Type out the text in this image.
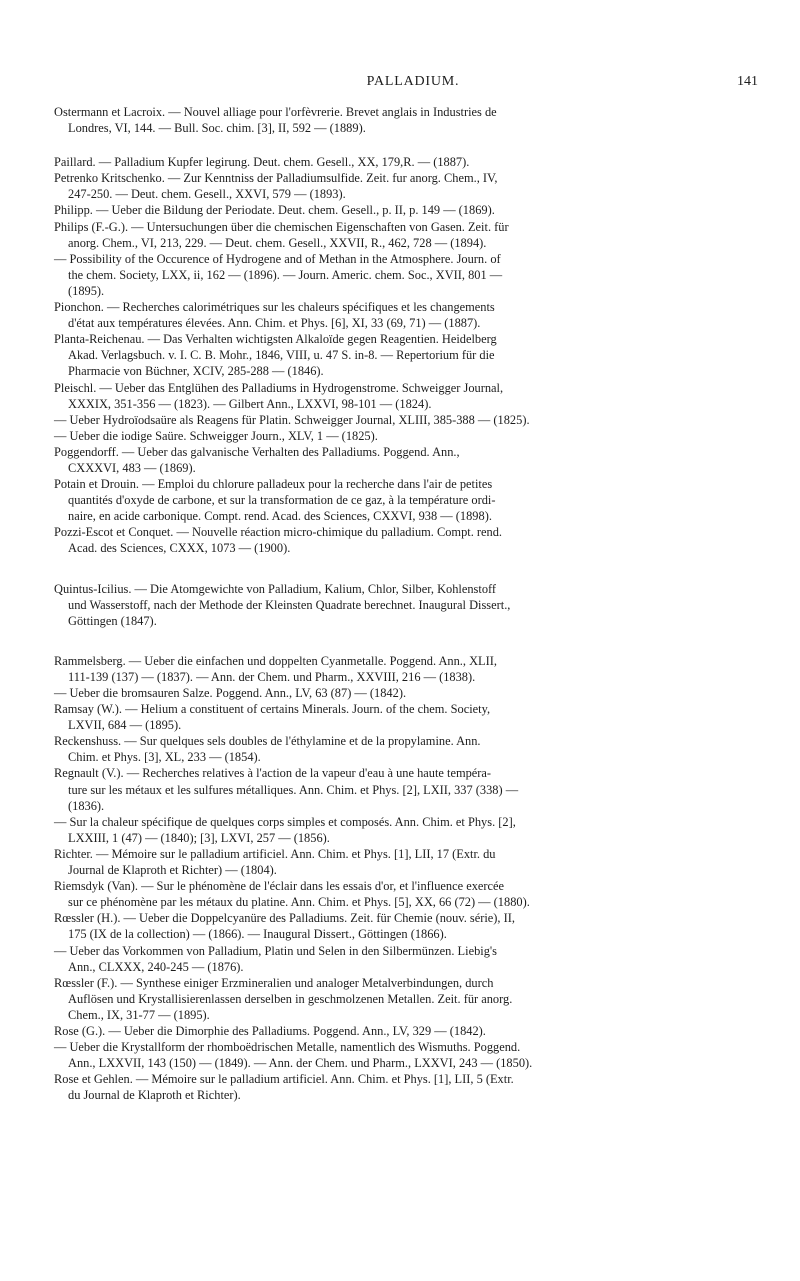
PALLADIUM.	141
Ostermann et Lacroix. — Nouvel alliage pour l'orfèvrerie. Brevet anglais in Industries de
Londres, VI, 144. — Bull. Soc. chim. [3], II, 592 — (1889).
Paillard. — Palladium Kupfer legirung. Deut. chem. Gesell., XX, 179,R. — (1887).
Petrenko Kritschenko. — Zur Kenntniss der Palladiumsulfide. Zeit. fur anorg. Chem., IV,
247-250. — Deut. chem. Gesell., XXVI, 579 — (1893).
Philipp. — Ueber die Bildung der Periodate. Deut. chem. Gesell., p. II, p. 149 — (1869).
Philips (F.-G.). — Untersuchungen über die chemischen Eigenschaften von Gasen. Zeit. für
anorg. Chem., VI, 213, 229. — Deut. chem. Gesell., XXVII, R., 462, 728 — (1894).
— Possibility of the Occurence of Hydrogene and of Methan in the Atmosphere. Journ. of
the chem. Society, LXX, ii, 162 — (1896). — Journ. Americ. chem. Soc., XVII, 801 —
(1895).
Pionchon. — Recherches calorimétriques sur les chaleurs spécifiques et les changements
d'état aux températures élevées. Ann. Chim. et Phys. [6], XI, 33 (69, 71) — (1887).
Planta-Reichenau. — Das Verhalten wichtigsten Alkaloïde gegen Reagentien. Heidelberg
Akad. Verlagsbuch. v. I. C. B. Mohr., 1846, VIII, u. 47 S. in-8. — Repertorium für die
Pharmacie von Büchner, XCIV, 285-288 — (1846).
Pleischl. — Ueber das Entglühen des Palladiums in Hydrogenstrome. Schweigger Journal,
XXXIX, 351-356 — (1823). — Gilbert Ann., LXXVI, 98-101 — (1824).
— Ueber Hydroïodsaüre als Reagens für Platin. Schweigger Journal, XLIII, 385-388 — (1825).
— Ueber die iodige Saüre. Schweigger Journ., XLV, 1 — (1825).
Poggendorff. — Ueber das galvanische Verhalten des Palladiums. Poggend. Ann.,
CXXXVI, 483 — (1869).
Potain et Drouin. — Emploi du chlorure palladeux pour la recherche dans l'air de petites
quantités d'oxyde de carbone, et sur la transformation de ce gaz, à la température ordi-
naire, en acide carbonique. Compt. rend. Acad. des Sciences, CXXVI, 938 — (1898).
Pozzi-Escot et Conquet. — Nouvelle réaction micro-chimique du palladium. Compt. rend.
Acad. des Sciences, CXXX, 1073 — (1900).
Quintus-Icilius. — Die Atomgewichte von Palladium, Kalium, Chlor, Silber, Kohlenstoff
und Wasserstoff, nach der Methode der Kleinsten Quadrate berechnet. Inaugural Dissert.,
Göttingen (1847).
Rammelsberg. — Ueber die einfachen und doppelten Cyanmetalle. Poggend. Ann., XLII,
111-139 (137) — (1837). — Ann. der Chem. und Pharm., XXVIII, 216 — (1838).
— Ueber die bromsauren Salze. Poggend. Ann., LV, 63 (87) — (1842).
Ramsay (W.). — Helium a constituent of certains Minerals. Journ. of the chem. Society,
LXVII, 684 — (1895).
Reckenshuss. — Sur quelques sels doubles de l'éthylamine et de la propylamine. Ann.
Chim. et Phys. [3], XL, 233 — (1854).
Regnault (V.). — Recherches relatives à l'action de la vapeur d'eau à une haute tempéra-
ture sur les métaux et les sulfures métalliques. Ann. Chim. et Phys. [2], LXII, 337 (338) —
(1836).
— Sur la chaleur spécifique de quelques corps simples et composés. Ann. Chim. et Phys. [2],
LXXIII, 1 (47) — (1840); [3], LXVI, 257 — (1856).
Richter. — Mémoire sur le palladium artificiel. Ann. Chim. et Phys. [1], LII, 17 (Extr. du
Journal de Klaproth et Richter) — (1804).
Riemsdyk (Van). — Sur le phénomène de l'éclair dans les essais d'or, et l'influence exercée
sur ce phénomène par les métaux du platine. Ann. Chim. et Phys. [5], XX, 66 (72) — (1880).
Rœssler (H.). — Ueber die Doppelcyanüre des Palladiums. Zeit. für Chemie (nouv. série), II,
175 (IX de la collection) — (1866). — Inaugural Dissert., Göttingen (1866).
— Ueber das Vorkommen von Palladium, Platin und Selen in den Silbermünzen. Liebig's
Ann., CLXXX, 240-245 — (1876).
Rœssler (F.). — Synthese einiger Erzmineralien und analoger Metalverbindungen, durch
Auflösen und Krystallisierenlassen derselben in geschmolzenen Metallen. Zeit. für anorg.
Chem., IX, 31-77 — (1895).
Rose (G.). — Ueber die Dimorphie des Palladiums. Poggend. Ann., LV, 329 — (1842).
— Ueber die Krystallform der rhomboëdrischen Metalle, namentlich des Wismuths. Poggend.
Ann., LXXVII, 143 (150) — (1849). — Ann. der Chem. und Pharm., LXXVI, 243 — (1850).
Rose et Gehlen. — Mémoire sur le palladium artificiel. Ann. Chim. et Phys. [1], LII, 5 (Extr.
du Journal de Klaproth et Richter).
